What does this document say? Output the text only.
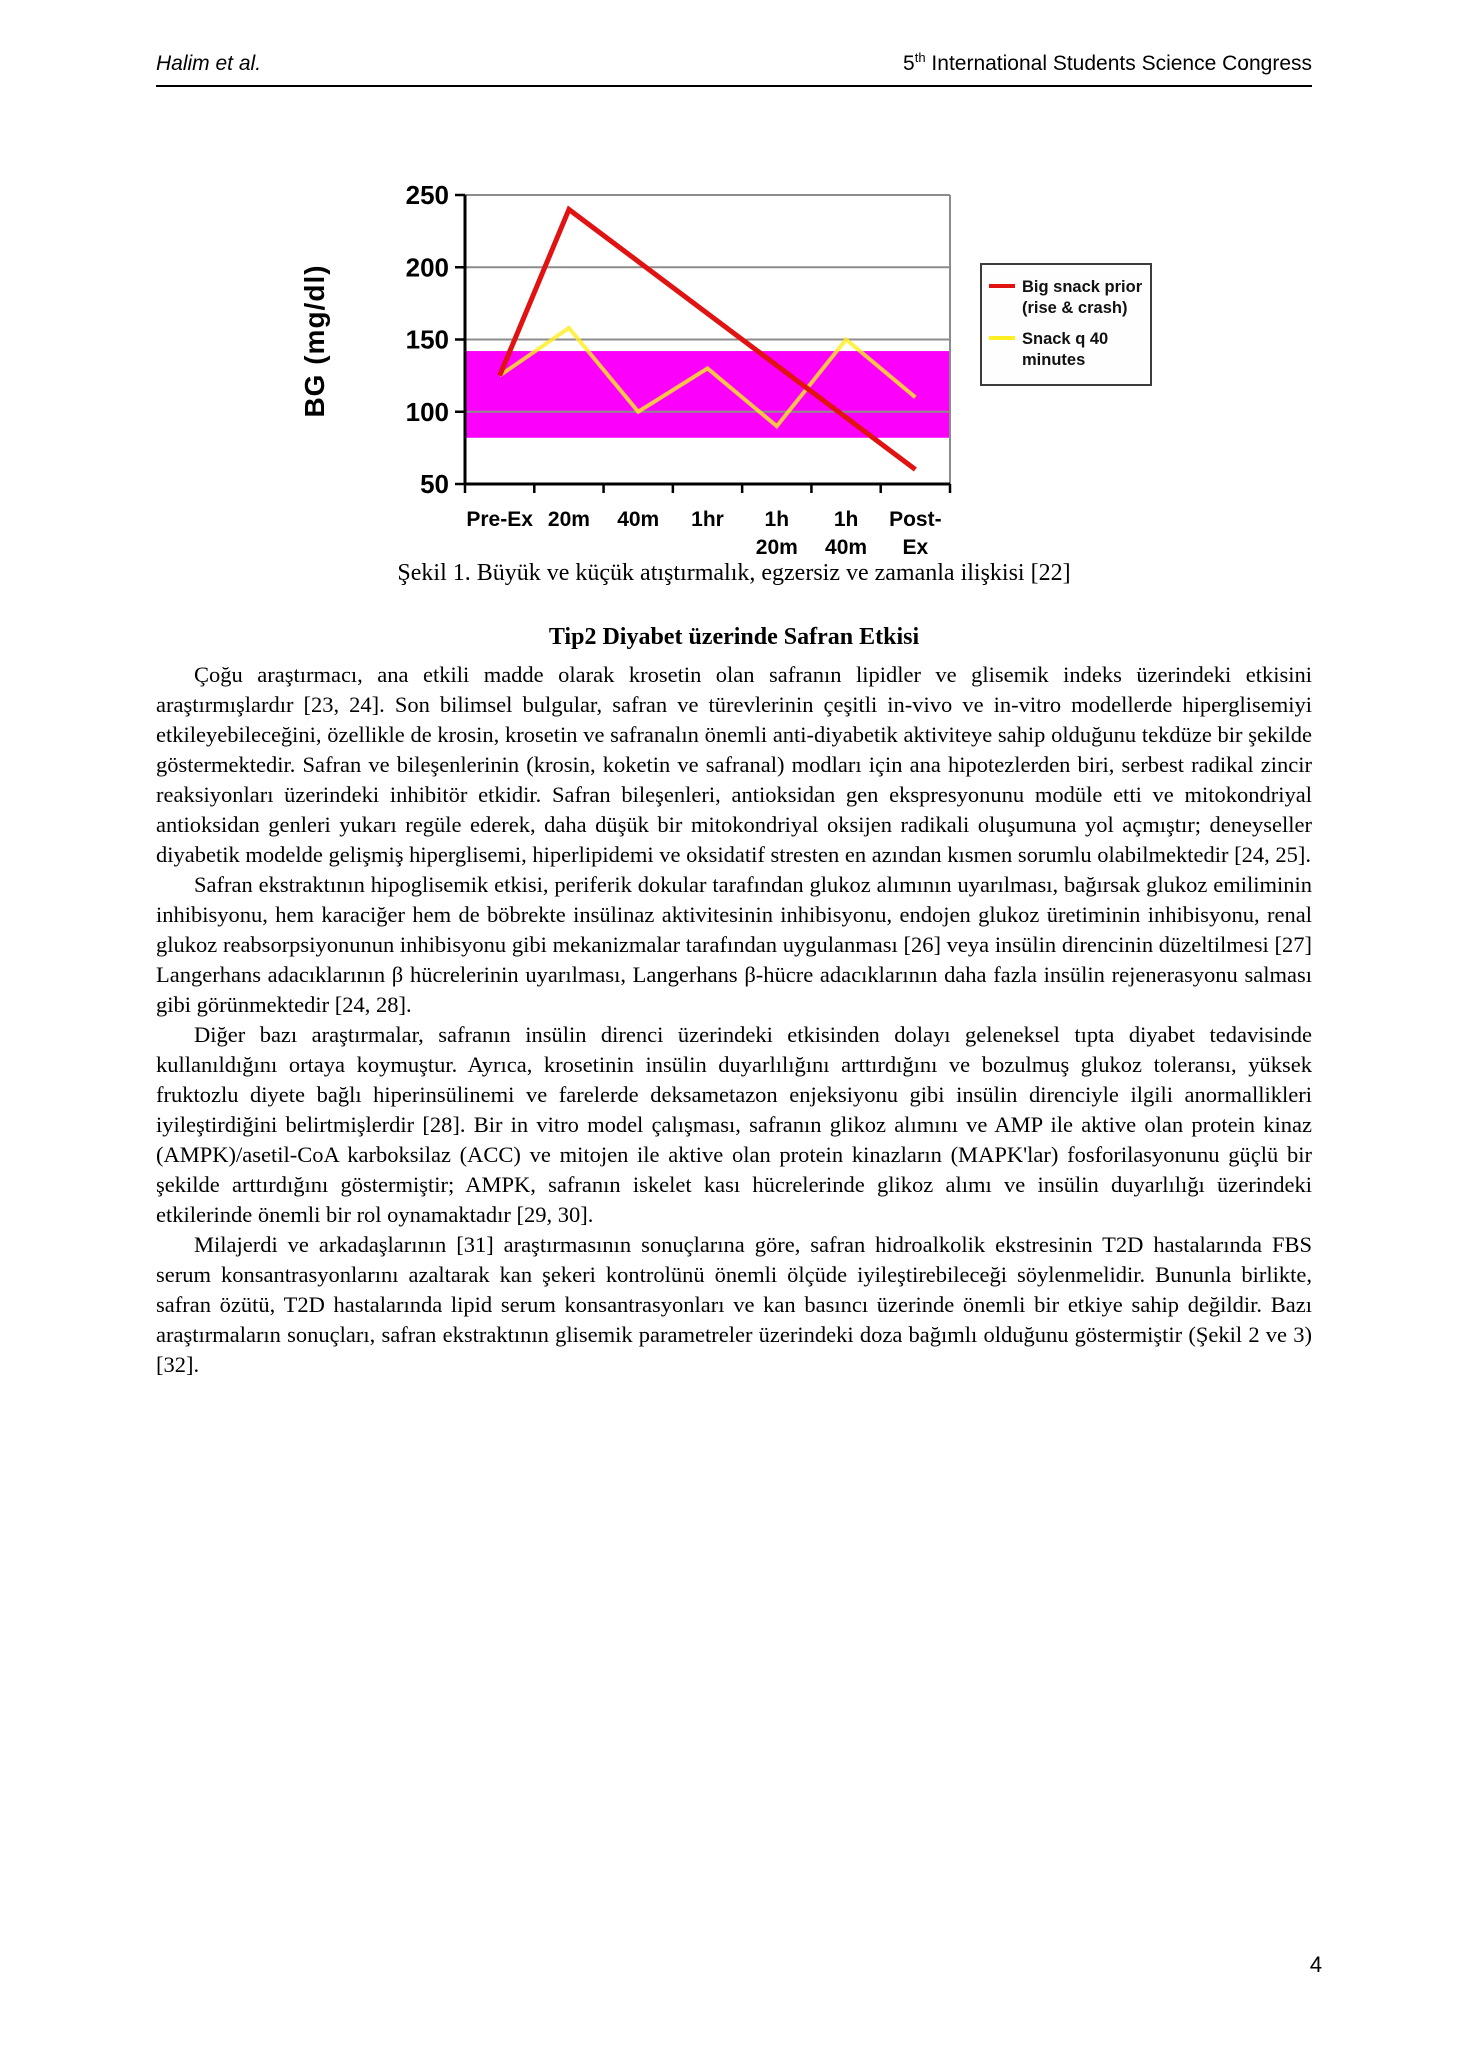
Halim et al.	5th International Students Science Congress
50
100
150
200
250
Pre-Ex 20m 40m 1hr	1h 20m
1h 40m
Post-Ex
BG (mg/dl)	Big snack prior (rise & crash)
Snack q 40 minutes
Şekil 1. Büyük ve küçük atıştırmalık, egzersiz ve zamanla ilişkisi [22]
Tip2 Diyabet üzerinde Safran Etkisi

Çoğu araştırmacı, ana etkili madde olarak krosetin olan safranın lipidler ve glisemik indeks üzerindeki etkisini araştırmışlardır [23, 24]. Son bilimsel bulgular, safran ve türevlerinin çeşitli in-vivo ve in-vitro modellerde hiperglisemiyi etkileyebileceğini, özellikle de krosin, krosetin ve safranalın önemli anti-diyabetik aktiviteye sahip olduğunu tekdüze bir şekilde göstermektedir. Safran ve bileşenlerinin (krosin, koketin ve safranal) modları için ana hipotezlerden biri, serbest radikal zincir reaksiyonları üzerindeki inhibitör etkidir. Safran bileşenleri, antioksidan gen ekspresyonunu modüle etti ve mitokondriyal antioksidan genleri yukarı regüle ederek, daha düşük bir mitokondriyal oksijen radikali oluşumuna yol açmıştır; deneyseller diyabetik modelde gelişmiş hiperglisemi, hiperlipidemi ve oksidatif stresten en azından kısmen sorumlu olabilmektedir [24, 25].

Safran ekstraktının hipoglisemik etkisi, periferik dokular tarafından glukoz alımının uyarılması, bağırsak glukoz emiliminin inhibisyonu, hem karaciğer hem de böbrekte insülinaz aktivitesinin inhibisyonu, endojen glukoz üretiminin inhibisyonu, renal glukoz reabsorpsiyonunun inhibisyonu gibi mekanizmalar tarafından uygulanması [26] veya insülin direncinin düzeltilmesi [27] Langerhans adacıklarının β hücrelerinin uyarılması, Langerhans β-hücre adacıklarının daha fazla insülin rejenerasyonu salması gibi görünmektedir [24, 28].

Diğer bazı araştırmalar, safranın insülin direnci üzerindeki etkisinden dolayı geleneksel tıpta diyabet tedavisinde kullanıldığını ortaya koymuştur. Ayrıca, krosetinin insülin duyarlılığını arttırdığını ve bozulmuş glukoz toleransı, yüksek fruktozlu diyete bağlı hiperinsülinemi ve farelerde deksametazon enjeksiyonu gibi insülin direnciyle ilgili anormallikleri iyileştirdiğini belirtmişlerdir [28]. Bir in vitro model çalışması, safranın glikoz alımını ve AMP ile aktive olan protein kinaz (AMPK)/asetil-CoA karboksilaz (ACC) ve mitojen ile aktive olan protein kinazların (MAPK'lar) fosforilasyonunu güçlü bir şekilde arttırdığını göstermiştir; AMPK, safranın iskelet kası hücrelerinde glikoz alımı ve insülin duyarlılığı üzerindeki etkilerinde önemli bir rol oynamaktadır [29, 30].

Milajerdi ve arkadaşlarının [31] araştırmasının sonuçlarına göre, safran hidroalkolik ekstresinin T2D hastalarında FBS serum konsantrasyonlarını azaltarak kan şekeri kontrolünü önemli ölçüde iyileştirebileceği söylenmelidir. Bununla birlikte, safran özütü, T2D hastalarında lipid serum konsantrasyonları ve kan basıncı üzerinde önemli bir etkiye sahip değildir. Bazı araştırmaların sonuçları, safran ekstraktının glisemik parametreler üzerindeki doza bağımlı olduğunu göstermiştir (Şekil 2 ve 3) [32].

4
